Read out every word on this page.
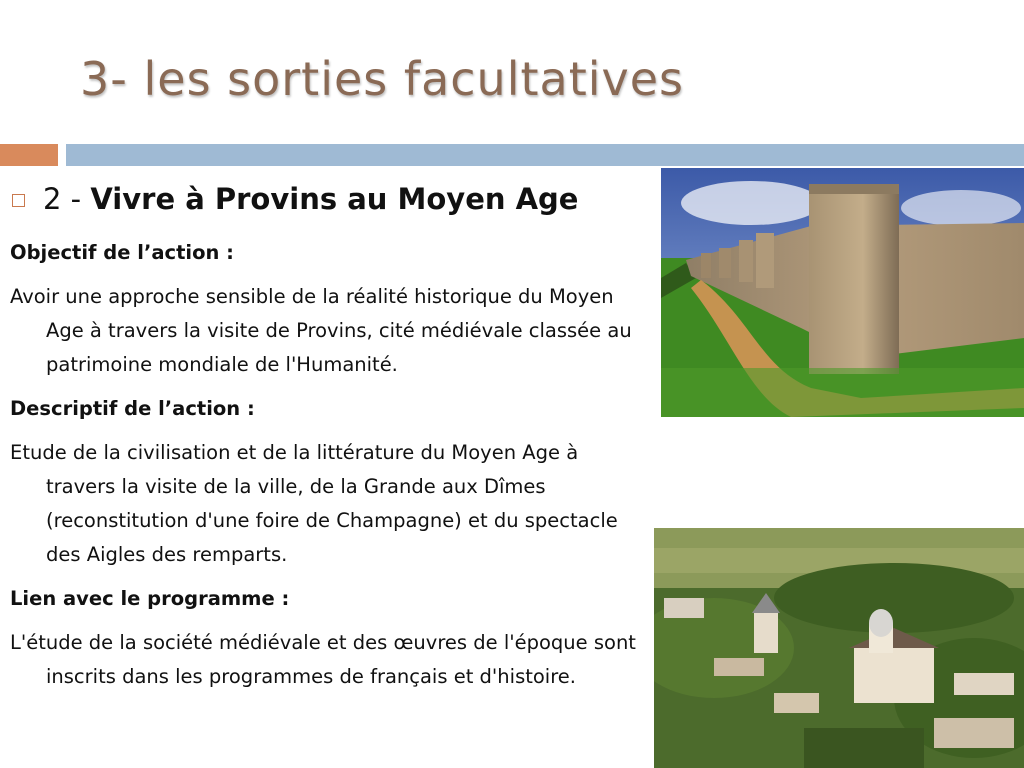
3- les sorties facultatives
2 -
Vivre à Provins au Moyen Age

Objectif de l’action :

Avoir une approche sensible de la réalité historique du Moyen Age à travers la visite de Provins, cité médiévale classée au patrimoine mondiale de l'Humanité.

Descriptif de l’action :

Etude de la civilisation et de la littérature du Moyen Age à travers la visite de la ville, de la Grande aux Dîmes (reconstitution d'une foire de Champagne) et du spectacle des Aigles des remparts.

Lien avec le programme :

L'étude de la société médiévale et des œuvres de l'époque sont inscrits dans les programmes de français et d'histoire.
